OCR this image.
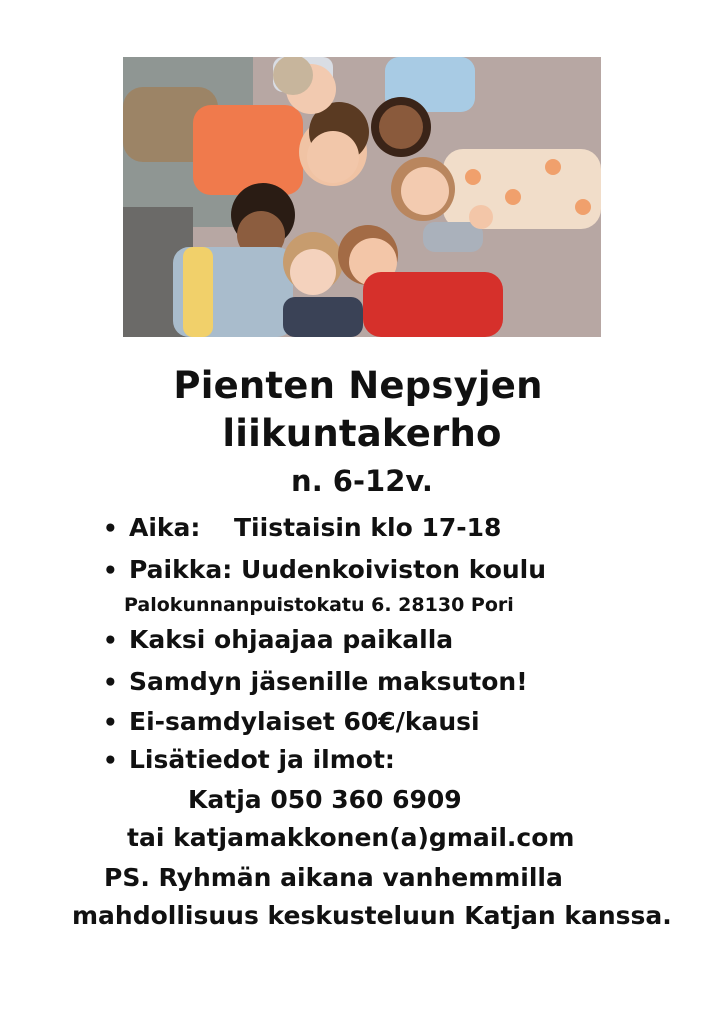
Pienten Nepsyjen
liikuntakerho
n. 6-12v.
• Aika: Tiistaisin klo 17-18
• Paikka: Uudenkoiviston koulu
Palokunnanpuistokatu 6. 28130 Pori
• Kaksi ohjaajaa paikalla
• Samdyn jäsenille maksuton!
• Ei-samdylaiset 60€/kausi
• Lisätiedot ja ilmot:
Katja 050 360 6909
tai katjamakkonen(a)gmail.com
PS. Ryhmän aikana vanhemmilla
mahdollisuus keskusteluun Katjan kanssa.
